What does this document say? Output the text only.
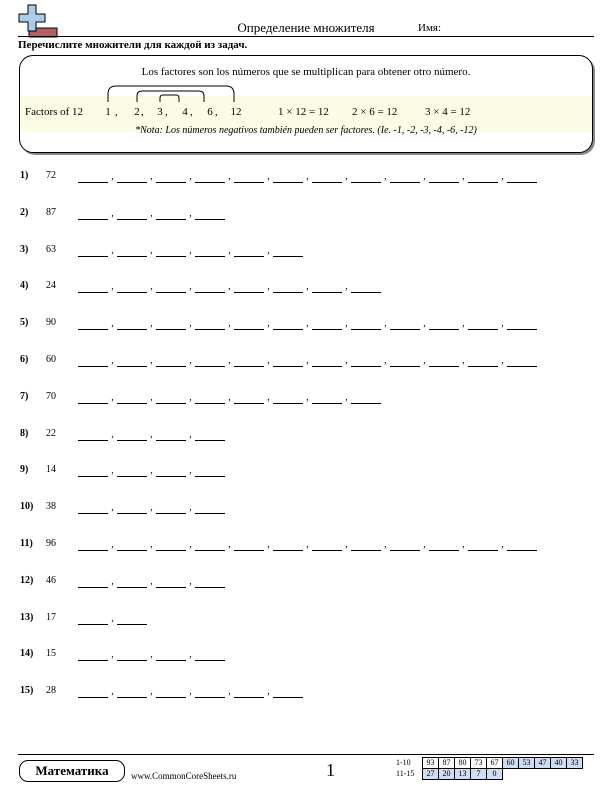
Определение множителя	Имя:
Перечислите множители для каждой из задач.
Los factores son los números que se multiplican para obtener otro número.
Factors of 12	1 ,	2 ,	3 ,	4 ,	6 ,	12	1 × 12 = 12 2 × 6 = 12	3 × 4 = 12
*Nota: Los números negativos también pueden ser factores. (Ie. -1, -2, -3, -4, -6, -12)
1) 72	,	,	,	,	,	,	,	,	,	,	,
2) 87	,	,	,
3) 63	,	,	,	,	,
4) 24	,	,	,	,	,	,	,
5) 90	,	,	,	,	,	,	,	,	,	,	,
6) 60	,	,	,	,	,	,	,	,	,	,	,
7) 70	,	,	,	,	,	,	,
8) 22	,	,	,
9) 14	,	,	,
10) 38	,	,	,
11) 96	,	,	,	,	,	,	,	,	,	,	,
12) 46	,	,	,
13) 17	,
14) 15	,	,	,
15) 28	,	,	,	,	,
Математика	www.CommonCoreSheets.ru	1	1-10	93	87	80	73	67	60	53	47	40	33
11-15	27	20	13	7	0					
